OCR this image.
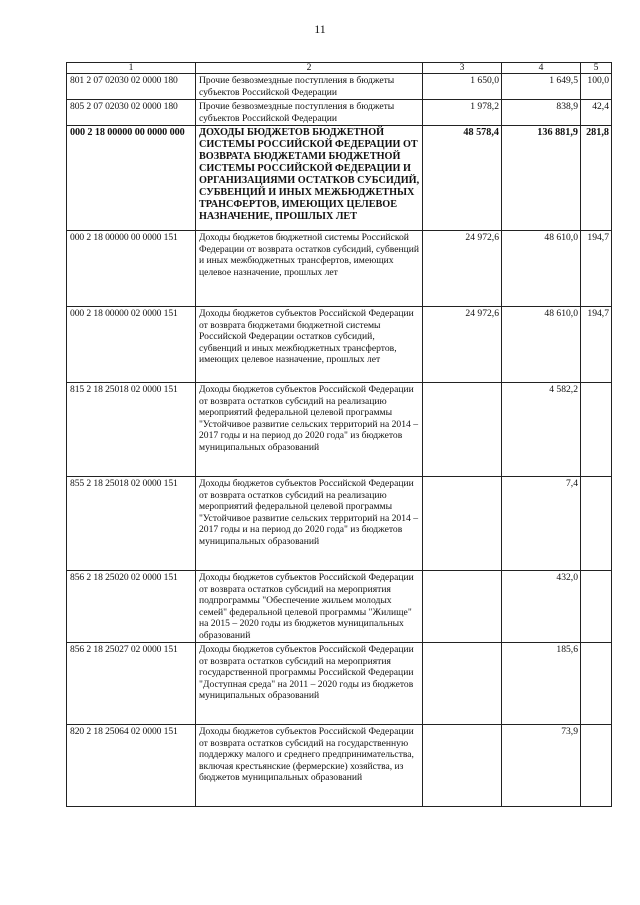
11
1	2	3	4	5
801 2 07 02030 02 0000 180	Прочие безвозмездные поступления в бюджеты субъектов Российской Федерации	1 650,0	1 649,5	100,0
805 2 07 02030 02 0000 180	Прочие безвозмездные поступления в бюджеты субъектов Российской Федерации	1 978,2	838,9	42,4
000 2 18 00000 00 0000 000	ДОХОДЫ БЮДЖЕТОВ БЮДЖЕТНОЙ СИСТЕМЫ РОССИЙСКОЙ ФЕДЕРАЦИИ ОТ ВОЗВРАТА БЮДЖЕТАМИ БЮДЖЕТНОЙ СИСТЕМЫ РОССИЙСКОЙ ФЕДЕРАЦИИ И ОРГАНИЗАЦИЯМИ ОСТАТКОВ СУБСИДИЙ, СУБВЕНЦИЙ И ИНЫХ МЕЖБЮДЖЕТНЫХ ТРАНСФЕРТОВ, ИМЕЮЩИХ ЦЕЛЕВОЕ НАЗНАЧЕНИЕ, ПРОШЛЫХ ЛЕТ	48 578,4	136 881,9	281,8
000 2 18 00000 00 0000 151	Доходы бюджетов бюджетной системы Российской Федерации от возврата остатков субсидий, субвенций и иных межбюджетных трансфертов, имеющих целевое назначение, прошлых лет	24 972,6	48 610,0	194,7
000 2 18 00000 02 0000 151	Доходы бюджетов субъектов Российской Федерации от возврата бюджетами бюджетной системы Российской Федерации остатков субсидий, субвенций и иных межбюджетных трансфертов, имеющих целевое назначение, прошлых лет	24 972,6	48 610,0	194,7
815 2 18 25018 02 0000 151	Доходы бюджетов субъектов Российской Федерации от возврата остатков субсидий на реализацию мероприятий федеральной целевой программы "Устойчивое развитие сельских территорий на 2014 – 2017 годы и на период до 2020 года" из бюджетов муниципальных образований		4 582,2	
855 2 18 25018 02 0000 151	Доходы бюджетов субъектов Российской Федерации от возврата остатков субсидий на реализацию мероприятий федеральной целевой программы "Устойчивое развитие сельских территорий на 2014 – 2017 годы и на период до 2020 года" из бюджетов муниципальных образований		7,4	
856 2 18 25020 02 0000 151	Доходы бюджетов субъектов Российской Федерации от возврата остатков субсидий на мероприятия подпрограммы "Обеспечение жильем молодых семей" федеральной целевой программы "Жилище" на 2015 – 2020 годы из бюджетов муниципальных образований		432,0	
856 2 18 25027 02 0000 151	Доходы бюджетов субъектов Российской Федерации от возврата остатков субсидий на мероприятия государственной программы Российской Федерации "Доступная среда" на 2011 – 2020 годы из бюджетов муниципальных образований		185,6	
820 2 18 25064 02 0000 151	Доходы бюджетов субъектов Российской Федерации от возврата остатков субсидий на государственную поддержку малого и среднего предпринимательства, включая крестьянские (фермерские) хозяйства, из бюджетов муниципальных образований		73,9	
